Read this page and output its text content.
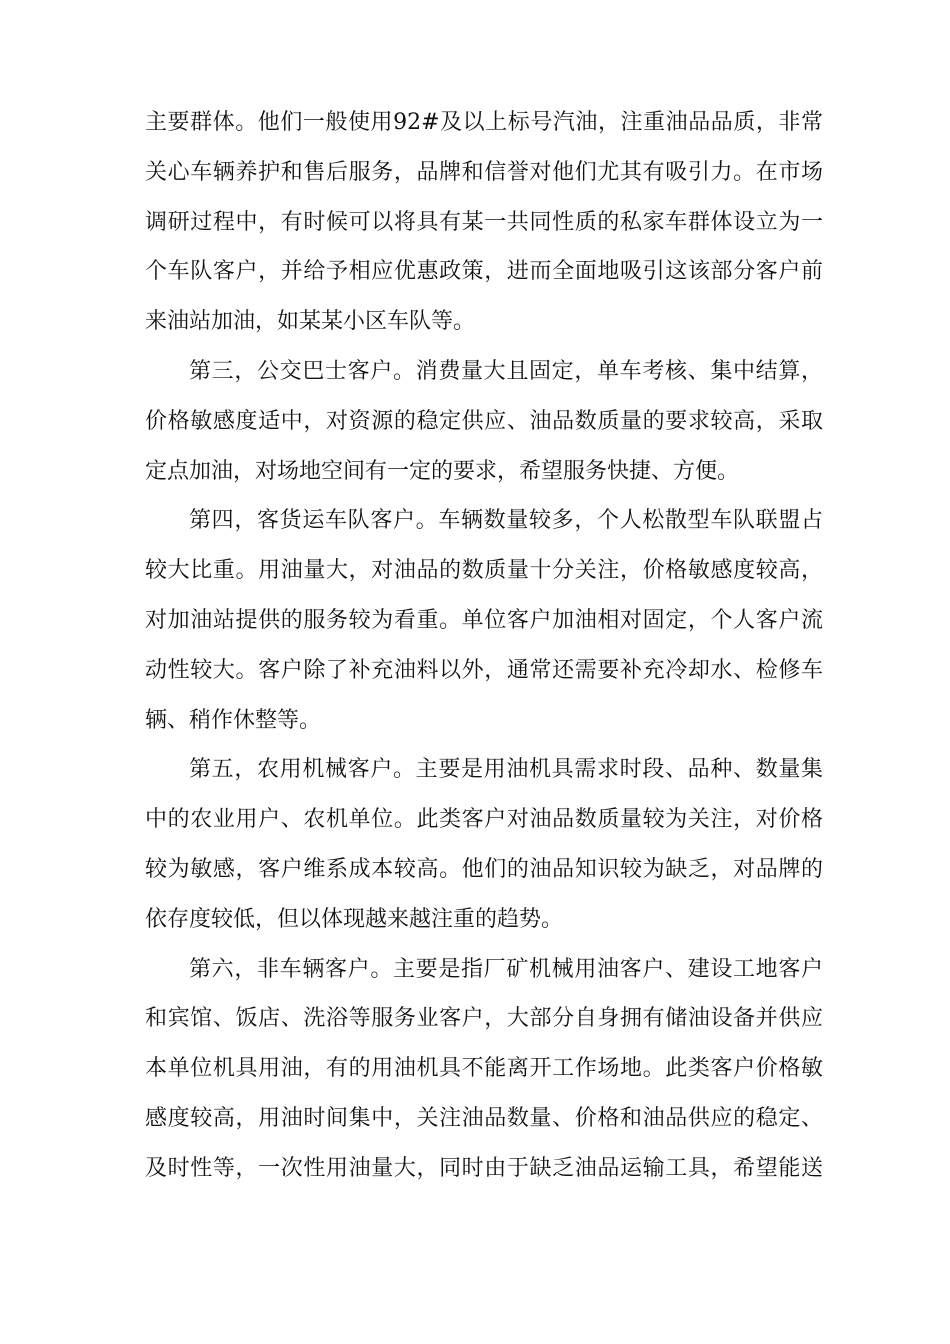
主要群体。他们一般使用92#及以上标号汽油，注重油品品质，非常
关心车辆养护和售后服务，品牌和信誉对他们尤其有吸引力。在市场
调研过程中，有时候可以将具有某一共同性质的私家车群体设立为一
个车队客户，并给予相应优惠政策，进而全面地吸引这该部分客户前
来油站加油，如某某小区车队等。
第三，公交巴士客户。消费量大且固定，单车考核、集中结算，
价格敏感度适中，对资源的稳定供应、油品数质量的要求较高，采取
定点加油，对场地空间有一定的要求，希望服务快捷、方便。
第四，客货运车队客户。车辆数量较多，个人松散型车队联盟占
较大比重。用油量大，对油品的数质量十分关注，价格敏感度较高，
对加油站提供的服务较为看重。单位客户加油相对固定，个人客户流
动性较大。客户除了补充油料以外，通常还需要补充冷却水、检修车
辆、稍作休整等。
第五，农用机械客户。主要是用油机具需求时段、品种、数量集
中的农业用户、农机单位。此类客户对油品数质量较为关注，对价格
较为敏感，客户维系成本较高。他们的油品知识较为缺乏，对品牌的
依存度较低，但以体现越来越注重的趋势。
第六，非车辆客户。主要是指厂矿机械用油客户、建设工地客户
和宾馆、饭店、洗浴等服务业客户，大部分自身拥有储油设备并供应
本单位机具用油，有的用油机具不能离开工作场地。此类客户价格敏
感度较高，用油时间集中，关注油品数量、价格和油品供应的稳定、
及时性等，一次性用油量大，同时由于缺乏油品运输工具，希望能送
